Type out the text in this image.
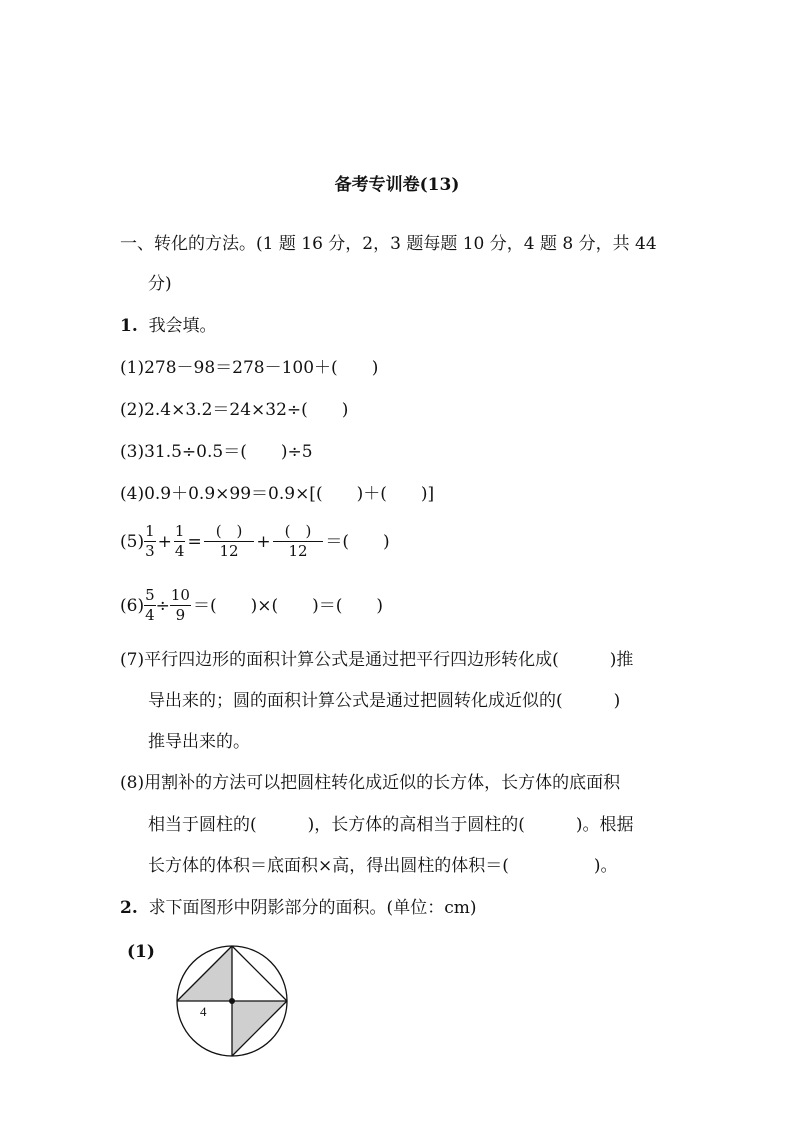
备考专训卷(13)
一、转化的方法。(1 题 16 分，2，3 题每题 10 分，4 题 8 分，共 44
分)
1. 我会填。
(1)278－98＝278－100＋(　　)
(2)2.4×3.2＝24×32÷(　　)
(3)31.5÷0.5＝(　　)÷5
(4)0.9＋0.9×99＝0.9×[(　　)＋(　　)]
$(5) \frac{1}{3} + \frac{1}{4} = \frac{( )}{12} + \frac{( )}{12}$ ＝(　　)
$(6) \frac{5}{4} \div \frac{10}{9}$ ＝(　　)×(　　)＝(　　)
(7)平行四边形的面积计算公式是通过把平行四边形转化成(　　　)推
导出来的；圆的面积计算公式是通过把圆转化成近似的(　　　)
推导出来的。
(8)用割补的方法可以把圆柱转化成近似的长方体，长方体的底面积
相当于圆柱的(　　　)，长方体的高相当于圆柱的(　　　)。根据
长方体的体积＝底面积×高，得出圆柱的体积＝(　　　　　)。
2. 求下面图形中阴影部分的面积。(单位：cm)
(1)
4
